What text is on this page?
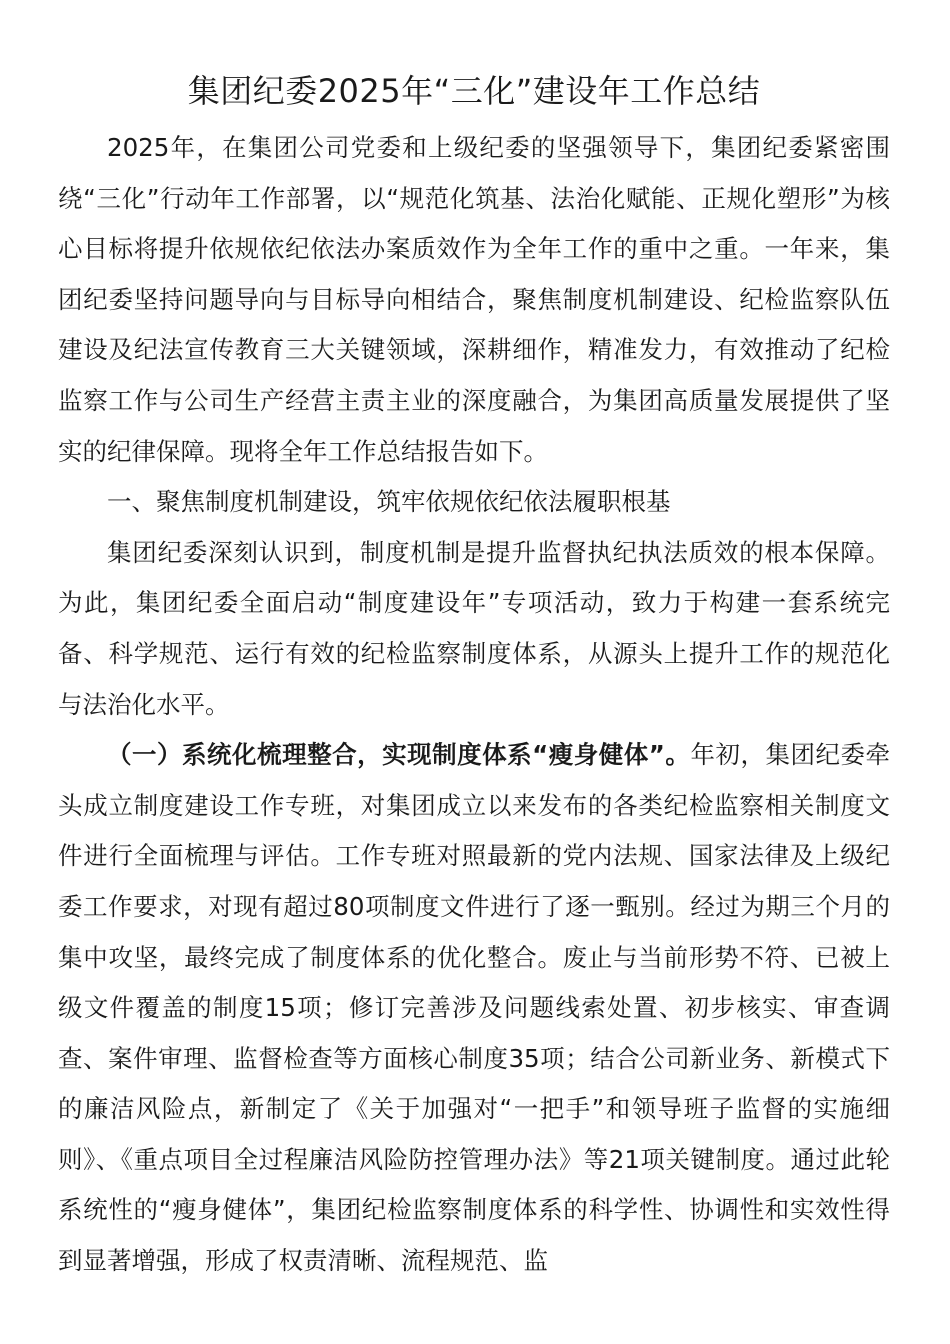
集团纪委2025年“三化”建设年工作总结

2025年，在集团公司党委和上级纪委的坚强领导下，集团纪委紧密围绕“三化”行动年工作部署，以“规范化筑基、法治化赋能、正规化塑形”为核心目标将提升依规依纪依法办案质效作为全年工作的重中之重。一年来，集团纪委坚持问题导向与目标导向相结合，聚焦制度机制建设、纪检监察队伍建设及纪法宣传教育三大关键领域，深耕细作，精准发力，有效推动了纪检监察工作与公司生产经营主责主业的深度融合，为集团高质量发展提供了坚实的纪律保障。现将全年工作总结报告如下。

一、聚焦制度机制建设，筑牢依规依纪依法履职根基

集团纪委深刻认识到，制度机制是提升监督执纪执法质效的根本保障。为此，集团纪委全面启动“制度建设年”专项活动，致力于构建一套系统完备、科学规范、运行有效的纪检监察制度体系，从源头上提升工作的规范化与法治化水平。

（一）系统化梳理整合，实现制度体系“瘦身健体”。年初，集团纪委牵头成立制度建设工作专班，对集团成立以来发布的各类纪检监察相关制度文件进行全面梳理与评估。工作专班对照最新的党内法规、国家法律及上级纪委工作要求，对现有超过80项制度文件进行了逐一甄别。经过为期三个月的集中攻坚，最终完成了制度体系的优化整合。废止与当前形势不符、已被上级文件覆盖的制度15项；修订完善涉及问题线索处置、初步核实、审查调查、案件审理、监督检查等方面核心制度35项；结合公司新业务、新模式下的廉洁风险点，新制定了《关于加强对“一把手”和领导班子监督的实施细则》、《重点项目全过程廉洁风险防控管理办法》等21项关键制度。通过此轮系统性的“瘦身健体”，集团纪检监察制度体系的科学性、协调性和实效性得到显著增强，形成了权责清晰、流程规范、监
